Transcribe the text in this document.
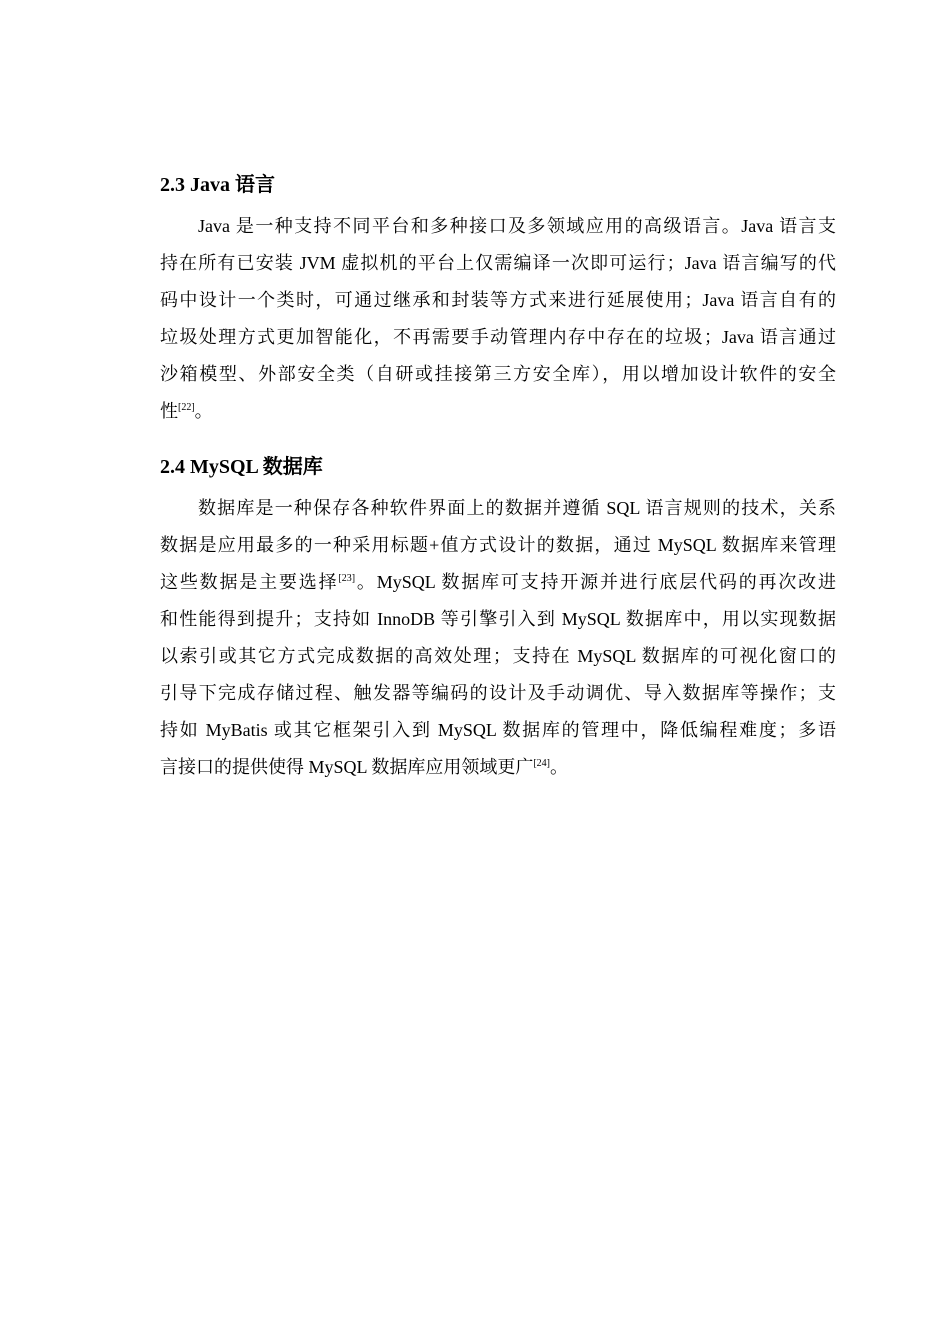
2.3 Java 语言
Java 是一种支持不同平台和多种接口及多领域应用的高级语言。Java 语言支
持在所有已安装 JVM 虚拟机的平台上仅需编译一次即可运行；Java 语言编写的代
码中设计一个类时，可通过继承和封装等方式来进行延展使用；Java 语言自有的
垃圾处理方式更加智能化，不再需要手动管理内存中存在的垃圾；Java 语言通过
沙箱模型、外部安全类（自研或挂接第三方安全库），用以增加设计软件的安全
性[22]。
2.4 MySQL 数据库
数据库是一种保存各种软件界面上的数据并遵循 SQL 语言规则的技术，关系
数据是应用最多的一种采用标题+值方式设计的数据，通过 MySQL 数据库来管理
这些数据是主要选择[23]。MySQL 数据库可支持开源并进行底层代码的再次改进
和性能得到提升；支持如 InnoDB 等引擎引入到 MySQL 数据库中，用以实现数据
以索引或其它方式完成数据的高效处理；支持在 MySQL 数据库的可视化窗口的
引导下完成存储过程、触发器等编码的设计及手动调优、导入数据库等操作；支
持如 MyBatis 或其它框架引入到 MySQL 数据库的管理中，降低编程难度；多语
言接口的提供使得 MySQL 数据库应用领域更广[24]。
